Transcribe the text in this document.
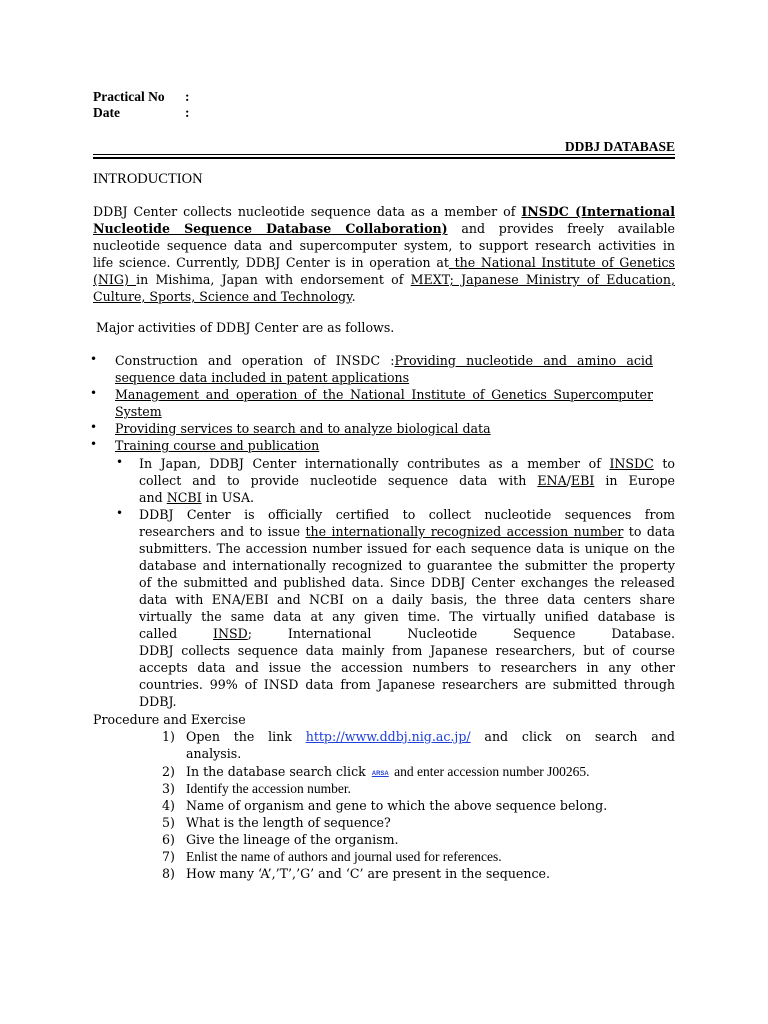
Practical No :
Date	:
DDBJ DATABASE
INTRODUCTION
DDBJ Center collects nucleotide sequence data as a member of INSDC (International
Nucleotide Sequence Database Collaboration) and provides freely available
nucleotide sequence data and supercomputer system, to support research activities in
life science. Currently, DDBJ Center is in operation at the National Institute of Genetics
(NIG) in Mishima, Japan with endorsement of MEXT; Japanese Ministry of Education,
Culture, Sports, Science and Technology.
Major activities of DDBJ Center are as follows.
• Construction and operation of INSDC :Providing nucleotide and amino acid
sequence data included in patent applications
• Management and operation of the National Institute of Genetics Supercomputer
System
• Providing services to search and to analyze biological data
• Training course and publication
• In Japan, DDBJ Center internationally contributes as a member of INSDC to
collect and to provide nucleotide sequence data with ENA/EBI in Europe
and NCBI in USA.
• DDBJ Center is officially certified to collect nucleotide sequences from
researchers and to issue the internationally recognized accession number to data
submitters. The accession number issued for each sequence data is unique on the
database and internationally recognized to guarantee the submitter the property
of the submitted and published data. Since DDBJ Center exchanges the released
data with ENA/EBI and NCBI on a daily basis, the three data centers share
virtually the same data at any given time. The virtually unified database is
called INSD; International Nucleotide Sequence Database.
DDBJ collects sequence data mainly from Japanese researchers, but of course
accepts data and issue the accession numbers to researchers in any other
countries. 99% of INSD data from Japanese researchers are submitted through
DDBJ.
Procedure and Exercise
1) Open the link http://www.ddbj.nig.ac.jp/ and click on search and
analysis.
2) In the database search click ARSA and enter accession number J00265.
3) Identify the accession number.
4) Name of organism and gene to which the above sequence belong.
5) What is the length of sequence?
6) Give the lineage of the organism.
7) Enlist the name of authors and journal used for references.
8) How many ‘A’,’T’,’G’ and ‘C’ are present in the sequence.
